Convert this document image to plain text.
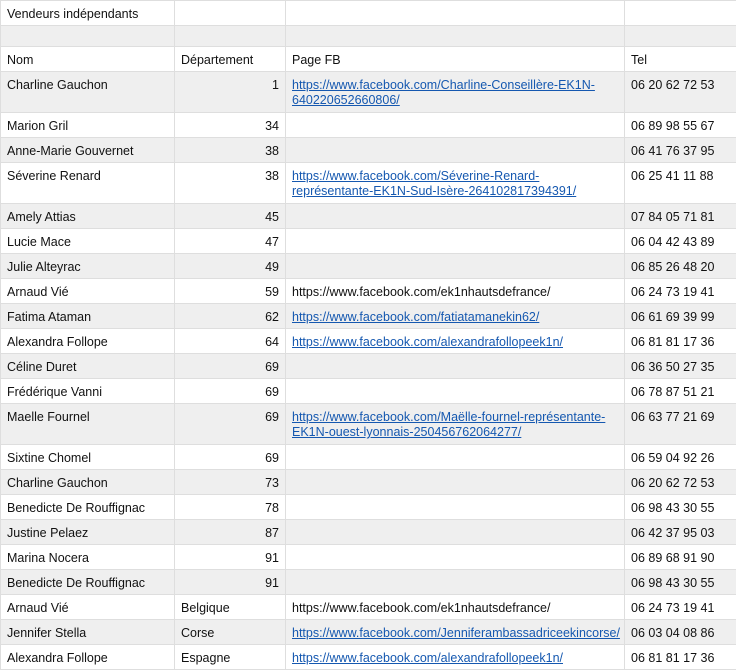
Vendeurs indépendants			

Nom	Département	Page FB	Tel
Charline Gauchon	1	https://www.facebook.com/Charline-Conseillère-EK1N-640220652660806/	06 20 62 72 53
Marion Gril	34		06 89 98 55 67
Anne-Marie Gouvernet	38		06 41 76 37 95
Séverine Renard	38	https://www.facebook.com/Séverine-Renard-représentante-EK1N-Sud-Isère-264102817394391/	06 25 41 11 88
Amely Attias	45		07 84 05 71 81
Lucie Mace	47		06 04 42 43 89
Julie Alteyrac	49		06 85 26 48 20
Arnaud Vié	59	https://www.facebook.com/ek1nhautsdefrance/	06 24 73 19 41
Fatima Ataman	62	https://www.facebook.com/fatiatamanekin62/	06 61 69 39 99
Alexandra Follope	64	https://www.facebook.com/alexandrafollopeek1n/	06 81 81 17 36
Céline Duret	69		06 36 50 27 35
Frédérique Vanni	69		06 78 87 51 21
Maelle Fournel	69	https://www.facebook.com/Maëlle-fournel-représentante-EK1N-ouest-lyonnais-250456762064277/	06 63 77 21 69
Sixtine Chomel	69		06 59 04 92 26
Charline Gauchon	73		06 20 62 72 53
Benedicte De Rouffignac	78		06 98 43 30 55
Justine Pelaez	87		06 42 37 95 03
Marina Nocera	91		06 89 68 91 90
Benedicte De Rouffignac	91		06 98 43 30 55
Arnaud Vié	Belgique	https://www.facebook.com/ek1nhautsdefrance/	06 24 73 19 41
Jennifer Stella	Corse	https://www.facebook.com/Jenniferambassadriceekincorse/	06 03 04 08 86
Alexandra Follope	Espagne	https://www.facebook.com/alexandrafollopeek1n/	06 81 81 17 36
